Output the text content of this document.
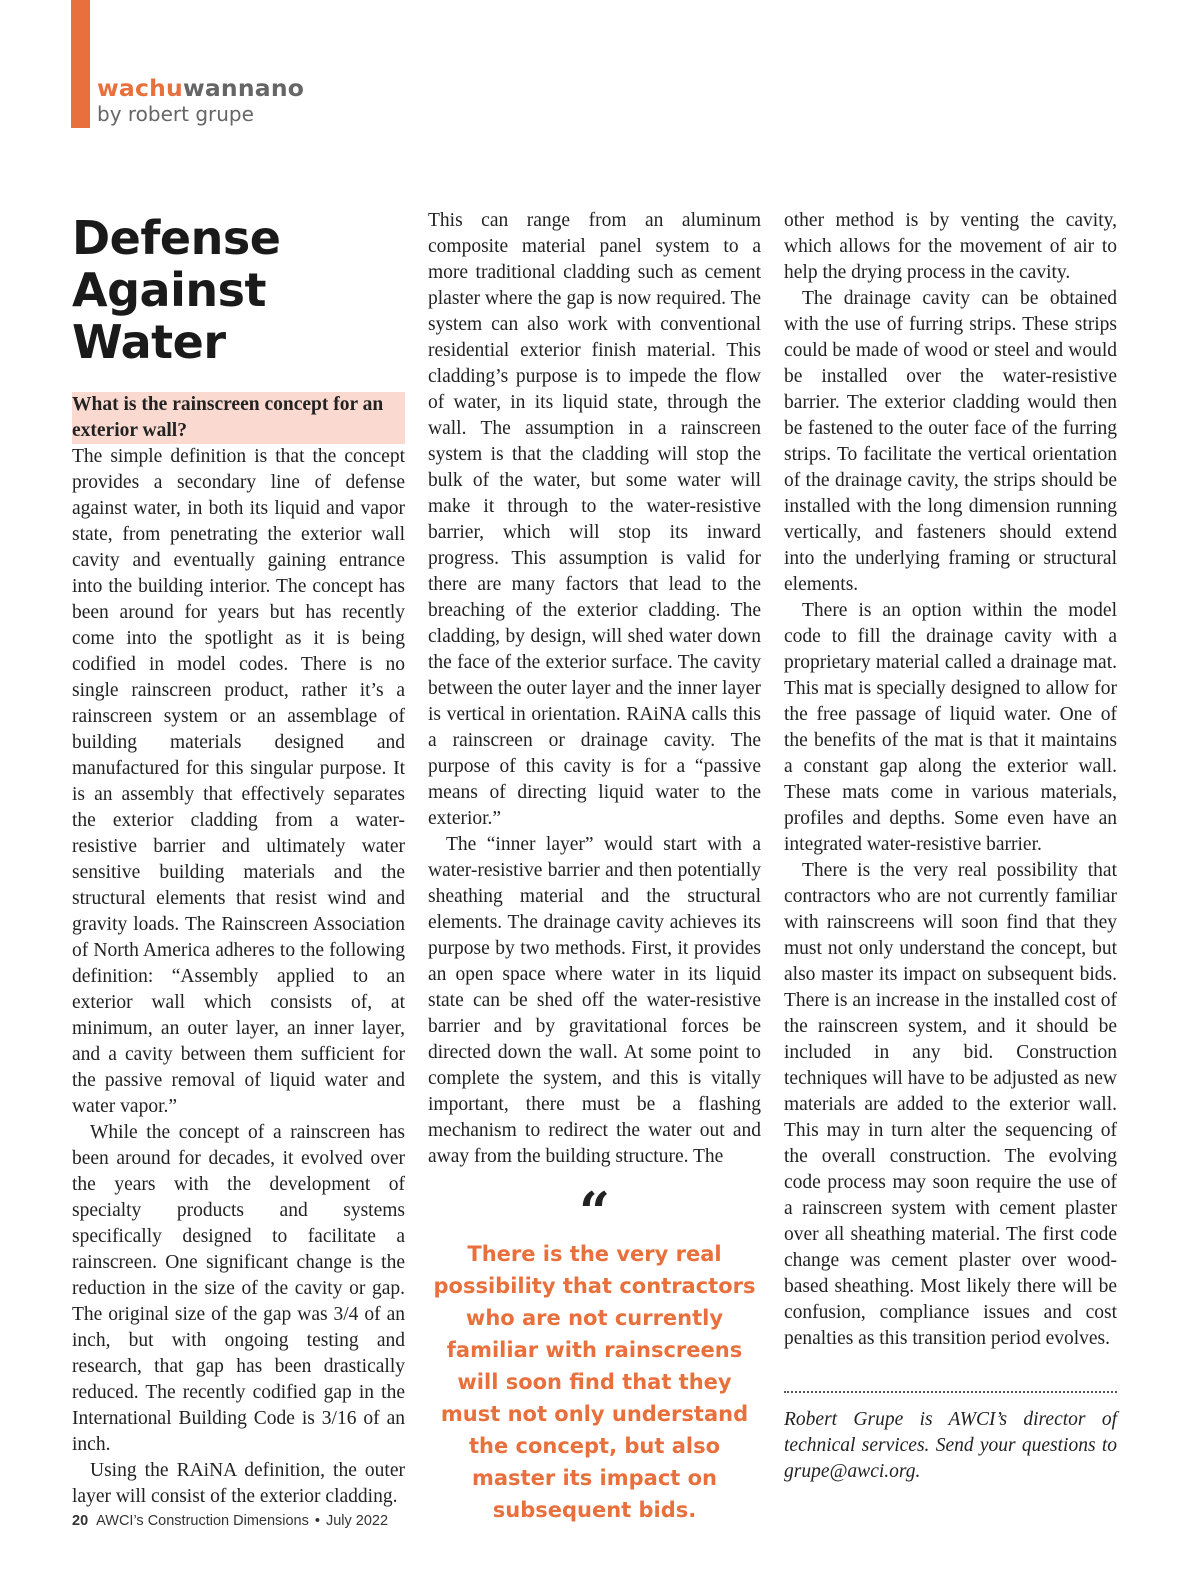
wachuwannano
by robert grupe
Defense
Against
Water

What is the rainscreen concept for an exterior wall?

The simple definition is that the concept provides a secondary line of defense against water, in both its liquid and vapor state, from penetrating the exterior wall cavity and eventually gaining entrance into the building interior. The concept has been around for years but has recently come into the spotlight as it is being codified in model codes. There is no single rainscreen product, rather it’s a rainscreen system or an assemblage of building materials designed and manufactured for this singular purpose. It is an assembly that effectively separates the exterior cladding from a water-resistive barrier and ultimately water sensitive building materials and the structural elements that resist wind and gravity loads. The Rainscreen Association of North America adheres to the following definition: “Assembly applied to an exterior wall which consists of, at minimum, an outer layer, an inner layer, and a cavity between them sufficient for the passive removal of liquid water and water vapor.”

While the concept of a rainscreen has been around for decades, it evolved over the years with the development of specialty products and systems specifically designed to facilitate a rainscreen. One significant change is the reduction in the size of the cavity or gap. The original size of the gap was 3/4 of an inch, but with ongoing testing and research, that gap has been drastically reduced. The recently codified gap in the International Building Code is 3/16 of an inch.

Using the RAiNA definition, the outer layer will consist of the exterior cladding.

This can range from an aluminum composite material panel system to a more traditional cladding such as cement plaster where the gap is now required. The system can also work with conventional residential exterior finish material. This cladding’s purpose is to impede the flow of water, in its liquid state, through the wall. The assumption in a rainscreen system is that the cladding will stop the bulk of the water, but some water will make it through to the water-resistive barrier, which will stop its inward progress. This assumption is valid for there are many factors that lead to the breaching of the exterior cladding. The cladding, by design, will shed water down the face of the exterior surface. The cavity between the outer layer and the inner layer is vertical in orientation. RAiNA calls this a rainscreen or drainage cavity. The purpose of this cavity is for a “passive means of directing liquid water to the exterior.”

The “inner layer” would start with a water-resistive barrier and then potentially sheathing material and the structural elements. The drainage cavity achieves its purpose by two methods. First, it provides an open space where water in its liquid state can be shed off the water-resistive barrier and by gravitational forces be directed down the wall. At some point to complete the system, and this is vitally important, there must be a flashing mechanism to redirect the water out and away from the building structure. The

“
There is the very real possibility that contractors who are not currently familiar with rainscreens will soon find that they must not only understand the concept, but also master its impact on subsequent bids.

other method is by venting the cavity, which allows for the movement of air to help the drying process in the cavity.

The drainage cavity can be obtained with the use of furring strips. These strips could be made of wood or steel and would be installed over the water-resistive barrier. The exterior cladding would then be fastened to the outer face of the furring strips. To facilitate the vertical orientation of the drainage cavity, the strips should be installed with the long dimension running vertically, and fasteners should extend into the underlying framing or structural elements.

There is an option within the model code to fill the drainage cavity with a proprietary material called a drainage mat. This mat is specially designed to allow for the free passage of liquid water. One of the benefits of the mat is that it maintains a constant gap along the exterior wall. These mats come in various materials, profiles and depths. Some even have an integrated water-resistive barrier.

There is the very real possibility that contractors who are not currently familiar with rainscreens will soon find that they must not only understand the concept, but also master its impact on subsequent bids. There is an increase in the installed cost of the rainscreen system, and it should be included in any bid. Construction techniques will have to be adjusted as new materials are added to the exterior wall. This may in turn alter the sequencing of the overall construction. The evolving code process may soon require the use of a rainscreen system with cement plaster over all sheathing material. The first code change was cement plaster over wood-based sheathing. Most likely there will be confusion, compliance issues and cost penalties as this transition period evolves.

Robert Grupe is AWCI’s director of technical services. Send your questions to grupe@awci.org.

20 AWCI’s Construction Dimensions • July 2022
